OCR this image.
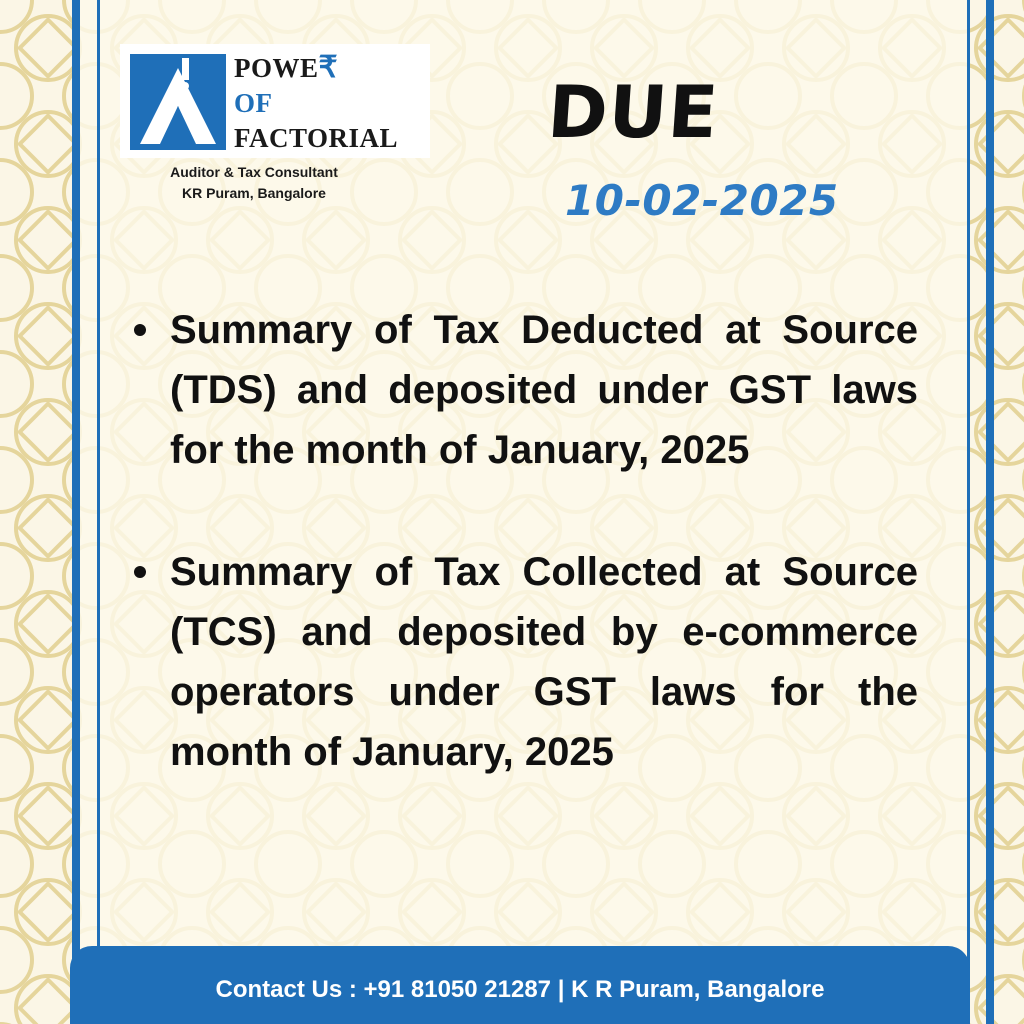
POWE₹
OF
FACTORIAL
Auditor & Tax Consultant
KR Puram, Bangalore
DUE
10-02-2025
Summary of Tax Deducted at Source (TDS) and deposited under GST laws for the month of January, 2025
Summary of Tax Collected at Source (TCS) and deposited by e-commerce operators under GST laws for the month of January, 2025
Contact Us : +91 81050 21287 | K R Puram, Bangalore
